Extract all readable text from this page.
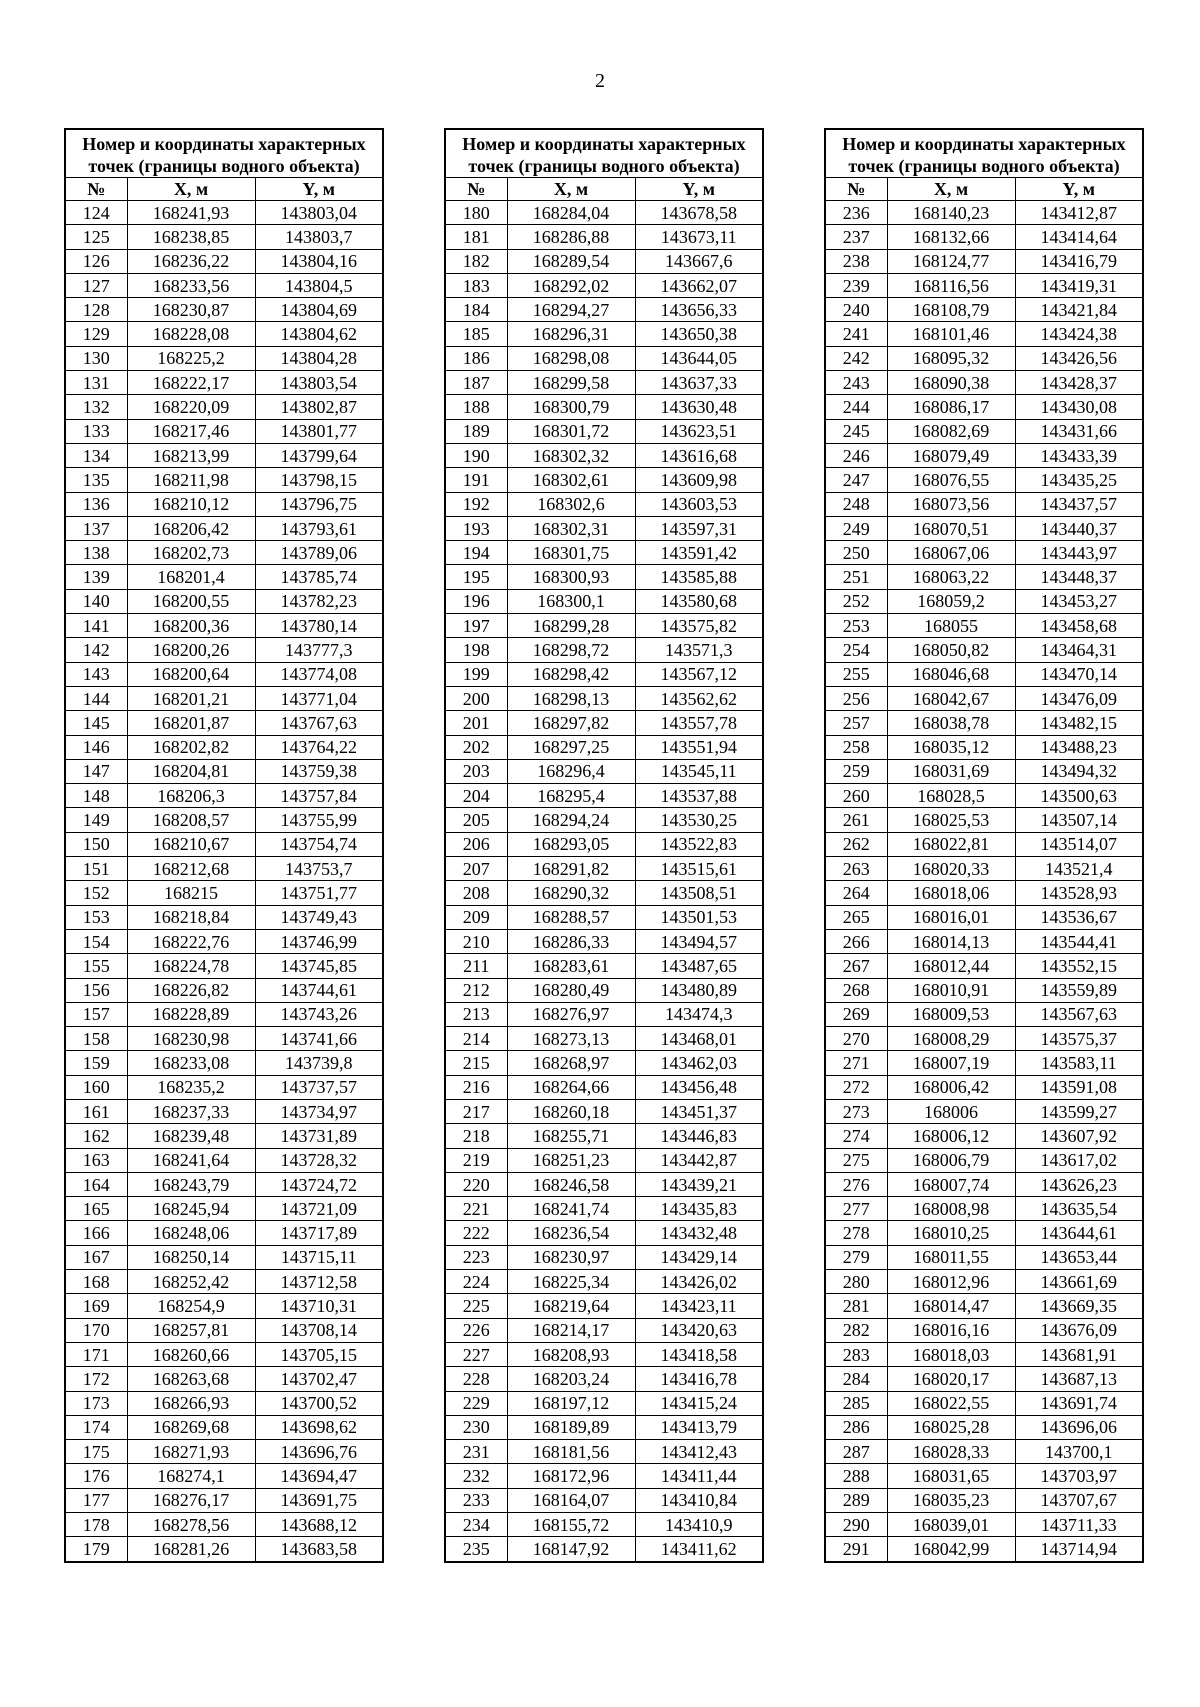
2
Номер и координаты характерных точек (границы водного объекта)		
№	X, м	Y, м
124	168241,93	143803,04
125	168238,85	143803,7
126	168236,22	143804,16
127	168233,56	143804,5
128	168230,87	143804,69
129	168228,08	143804,62
130	168225,2	143804,28
131	168222,17	143803,54
132	168220,09	143802,87
133	168217,46	143801,77
134	168213,99	143799,64
135	168211,98	143798,15
136	168210,12	143796,75
137	168206,42	143793,61
138	168202,73	143789,06
139	168201,4	143785,74
140	168200,55	143782,23
141	168200,36	143780,14
142	168200,26	143777,3
143	168200,64	143774,08
144	168201,21	143771,04
145	168201,87	143767,63
146	168202,82	143764,22
147	168204,81	143759,38
148	168206,3	143757,84
149	168208,57	143755,99
150	168210,67	143754,74
151	168212,68	143753,7
152	168215	143751,77
153	168218,84	143749,43
154	168222,76	143746,99
155	168224,78	143745,85
156	168226,82	143744,61
157	168228,89	143743,26
158	168230,98	143741,66
159	168233,08	143739,8
160	168235,2	143737,57
161	168237,33	143734,97
162	168239,48	143731,89
163	168241,64	143728,32
164	168243,79	143724,72
165	168245,94	143721,09
166	168248,06	143717,89
167	168250,14	143715,11
168	168252,42	143712,58
169	168254,9	143710,31
170	168257,81	143708,14
171	168260,66	143705,15
172	168263,68	143702,47
173	168266,93	143700,52
174	168269,68	143698,62
175	168271,93	143696,76
176	168274,1	143694,47
177	168276,17	143691,75
178	168278,56	143688,12
179	168281,26	143683,58
Номер и координаты характерных точек (границы водного объекта)		
№	X, м	Y, м
180	168284,04	143678,58
181	168286,88	143673,11
182	168289,54	143667,6
183	168292,02	143662,07
184	168294,27	143656,33
185	168296,31	143650,38
186	168298,08	143644,05
187	168299,58	143637,33
188	168300,79	143630,48
189	168301,72	143623,51
190	168302,32	143616,68
191	168302,61	143609,98
192	168302,6	143603,53
193	168302,31	143597,31
194	168301,75	143591,42
195	168300,93	143585,88
196	168300,1	143580,68
197	168299,28	143575,82
198	168298,72	143571,3
199	168298,42	143567,12
200	168298,13	143562,62
201	168297,82	143557,78
202	168297,25	143551,94
203	168296,4	143545,11
204	168295,4	143537,88
205	168294,24	143530,25
206	168293,05	143522,83
207	168291,82	143515,61
208	168290,32	143508,51
209	168288,57	143501,53
210	168286,33	143494,57
211	168283,61	143487,65
212	168280,49	143480,89
213	168276,97	143474,3
214	168273,13	143468,01
215	168268,97	143462,03
216	168264,66	143456,48
217	168260,18	143451,37
218	168255,71	143446,83
219	168251,23	143442,87
220	168246,58	143439,21
221	168241,74	143435,83
222	168236,54	143432,48
223	168230,97	143429,14
224	168225,34	143426,02
225	168219,64	143423,11
226	168214,17	143420,63
227	168208,93	143418,58
228	168203,24	143416,78
229	168197,12	143415,24
230	168189,89	143413,79
231	168181,56	143412,43
232	168172,96	143411,44
233	168164,07	143410,84
234	168155,72	143410,9
235	168147,92	143411,62
Номер и координаты характерных точек (границы водного объекта)		
№	X, м	Y, м
236	168140,23	143412,87
237	168132,66	143414,64
238	168124,77	143416,79
239	168116,56	143419,31
240	168108,79	143421,84
241	168101,46	143424,38
242	168095,32	143426,56
243	168090,38	143428,37
244	168086,17	143430,08
245	168082,69	143431,66
246	168079,49	143433,39
247	168076,55	143435,25
248	168073,56	143437,57
249	168070,51	143440,37
250	168067,06	143443,97
251	168063,22	143448,37
252	168059,2	143453,27
253	168055	143458,68
254	168050,82	143464,31
255	168046,68	143470,14
256	168042,67	143476,09
257	168038,78	143482,15
258	168035,12	143488,23
259	168031,69	143494,32
260	168028,5	143500,63
261	168025,53	143507,14
262	168022,81	143514,07
263	168020,33	143521,4
264	168018,06	143528,93
265	168016,01	143536,67
266	168014,13	143544,41
267	168012,44	143552,15
268	168010,91	143559,89
269	168009,53	143567,63
270	168008,29	143575,37
271	168007,19	143583,11
272	168006,42	143591,08
273	168006	143599,27
274	168006,12	143607,92
275	168006,79	143617,02
276	168007,74	143626,23
277	168008,98	143635,54
278	168010,25	143644,61
279	168011,55	143653,44
280	168012,96	143661,69
281	168014,47	143669,35
282	168016,16	143676,09
283	168018,03	143681,91
284	168020,17	143687,13
285	168022,55	143691,74
286	168025,28	143696,06
287	168028,33	143700,1
288	168031,65	143703,97
289	168035,23	143707,67
290	168039,01	143711,33
291	168042,99	143714,94
